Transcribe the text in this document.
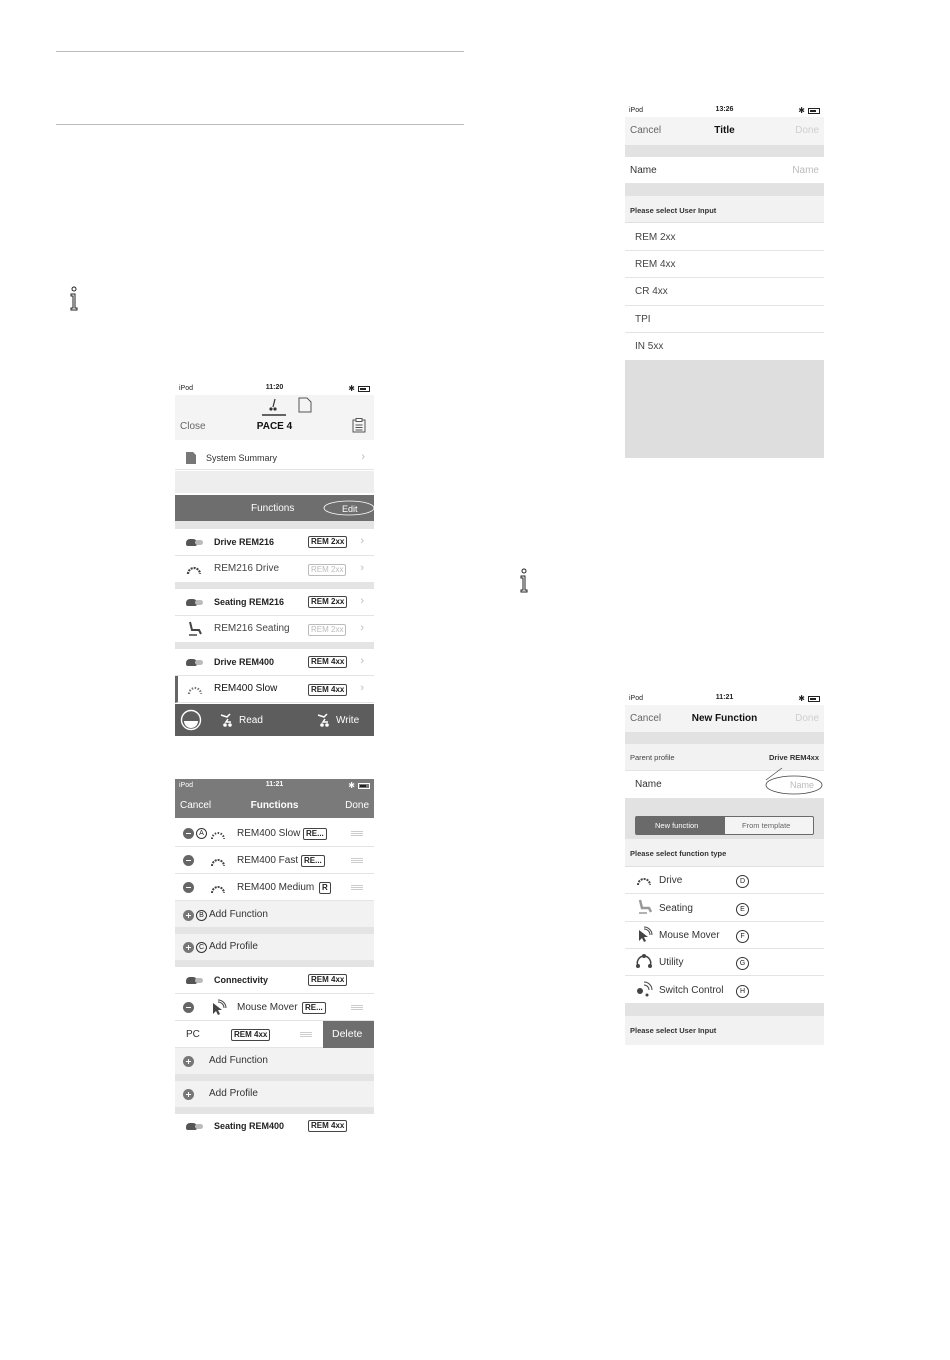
iPod	11:20	✱
Close	PACE 4
System Summary	›
Functions	Edit
Drive REM216	REM 2xx ›
REM216 Drive	REM 2xx ›
Seating REM216	REM 2xx ›
REM216 Seating	REM 2xx ›
Drive REM400	REM 4xx ›
REM400 Slow	REM 4xx ›
Read	Write
iPod	11:21	✱
Cancel	Functions	Done
A	REM400 Slow RE...
REM400 Fast RE...
REM400 Medium R
B Add Function
C Add Profile
Connectivity	REM 4xx
Mouse Mover RE...
PC	REM 4xx	Delete
Add Function
Add Profile
Seating REM400	REM 4xx
iPod	13:26	✱
Cancel	Title	Done
Name	Name
Please select User Input
REM 2xx
REM 4xx
CR 4xx
TPI
IN 5xx
iPod	11:21	✱
Cancel	New Function	Done
Parent profile	Drive REM4xx
Name	Name
New function	From template
Please select function type
Drive	D
Seating	E
Mouse Mover	F
Utility	G
Switch Control	H
Please select User Input
